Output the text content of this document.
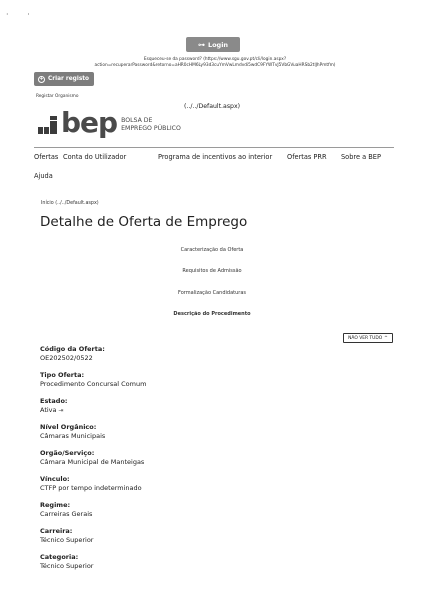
· ·
⊶ Login
Esqueceu-se da password? (https://www.sgu.gov.pt/cli/login.aspx?
action=recuperarPassword&retorno=aHR0cHM6Ly93d3cuYmVwLmdvdi5wdC9FYWTvJ5VbGVuaHRSb2tlJhPmtfm)
+ Criar registo
Registar Organismo
bep BOLSA DE
EMPREGO PÚBLICO
(../../Default.aspx)
Ofertas Conta do Utilizador	Programa de incentivos ao interior Ofertas PRR Sobre a BEP
Ajuda
Início (../../Default.aspx)
Detalhe de Oferta de Emprego
Caracterização da Oferta
Requisitos de Admissão
Formalização Candidaturas
Descrição do Procedimento
NÃO VER TUDO ^
Código da Oferta:
OE202502/0522
Tipo Oferta:
Procedimento Concursal Comum
Estado:
Ativa ⇥
Nível Orgânico:
Câmaras Municipais
Orgão/Serviço:
Câmara Municipal de Manteigas
Vínculo:
CTFP por tempo indeterminado
Regime:
Carreiras Gerais
Carreira:
Técnico Superior
Categoria:
Técnico Superior
